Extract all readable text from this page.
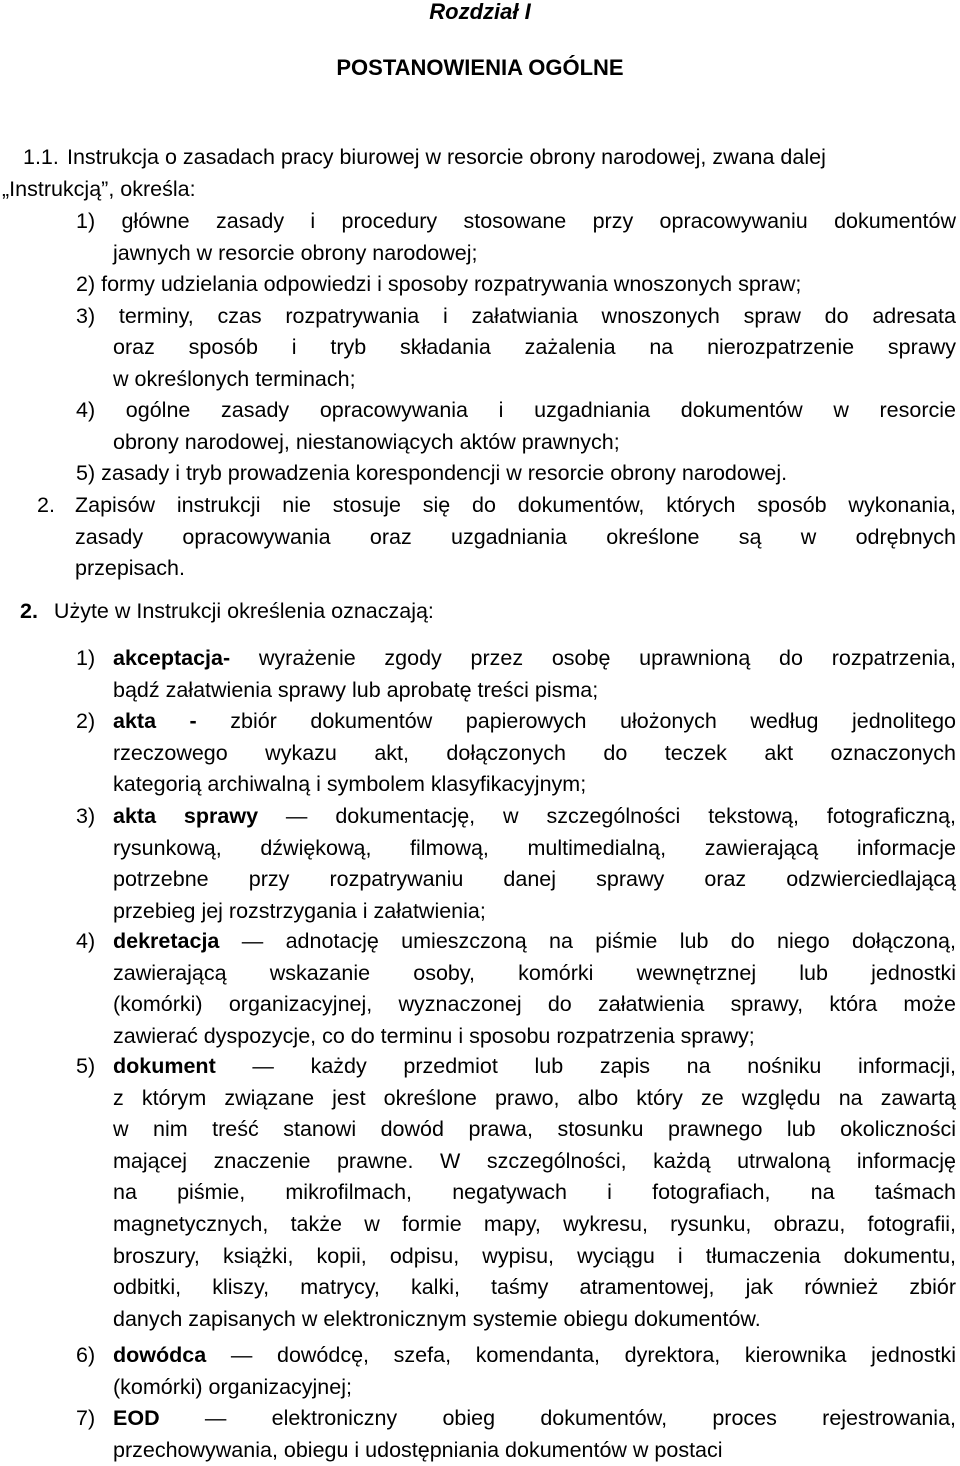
Rozdział I
POSTANOWIENIA OGÓLNE
1.1. Instrukcja o zasadach pracy biurowej w resorcie obrony narodowej, zwana dalej
„Instrukcją”, określa:
1) główne zasady i procedury stosowane przy opracowywaniu dokumentów
jawnych w resorcie obrony narodowej;
2) formy udzielania odpowiedzi i sposoby rozpatrywania wnoszonych spraw;
3) terminy, czas rozpatrywania i załatwiania wnoszonych spraw do adresata
oraz sposób i tryb składania zażalenia na nierozpatrzenie sprawy
w określonych terminach;
4) ogólne zasady opracowywania i uzgadniania dokumentów w resorcie
obrony narodowej, niestanowiących aktów prawnych;
5) zasady i tryb prowadzenia korespondencji w resorcie obrony narodowej.
2. Zapisów instrukcji nie stosuje się do dokumentów, których sposób wykonania,
zasady opracowywania oraz uzgadniania określone są w odrębnych
przepisach.
2. Użyte w Instrukcji określenia oznaczają:
1) akceptacja- wyrażenie zgody przez osobę uprawnioną do rozpatrzenia,
bądź załatwienia sprawy lub aprobatę treści pisma;
2) akta - zbiór dokumentów papierowych ułożonych według jednolitego
rzeczowego wykazu akt, dołączonych do teczek akt oznaczonych
kategorią archiwalną i symbolem klasyfikacyjnym;
3) akta sprawy — dokumentację, w szczególności tekstową, fotograficzną,
rysunkową, dźwiękową, filmową, multimedialną, zawierającą informacje
potrzebne przy rozpatrywaniu danej sprawy oraz odzwierciedlającą
przebieg jej rozstrzygania i załatwienia;
4) dekretacja — adnotację umieszczoną na piśmie lub do niego dołączoną,
zawierającą wskazanie osoby, komórki wewnętrznej lub jednostki
(komórki) organizacyjnej, wyznaczonej do załatwienia sprawy, która może
zawierać dyspozycje, co do terminu i sposobu rozpatrzenia sprawy;
5) dokument — każdy przedmiot lub zapis na nośniku informacji,
z którym związane jest określone prawo, albo który ze względu na zawartą
w nim treść stanowi dowód prawa, stosunku prawnego lub okoliczności
mającej znaczenie prawne. W szczególności, każdą utrwaloną informację
na piśmie, mikrofilmach, negatywach i fotografiach, na taśmach
magnetycznych, także w formie mapy, wykresu, rysunku, obrazu, fotografii,
broszury, książki, kopii, odpisu, wypisu, wyciągu i tłumaczenia dokumentu,
odbitki, kliszy, matrycy, kalki, taśmy atramentowej, jak również zbiór
danych zapisanych w elektronicznym systemie obiegu dokumentów.
6) dowódca — dowódcę, szefa, komendanta, dyrektora, kierownika jednostki
(komórki) organizacyjnej;
7) EOD — elektroniczny obieg dokumentów, proces rejestrowania,
przechowywania, obiegu i udostępniania dokumentów w postaci
